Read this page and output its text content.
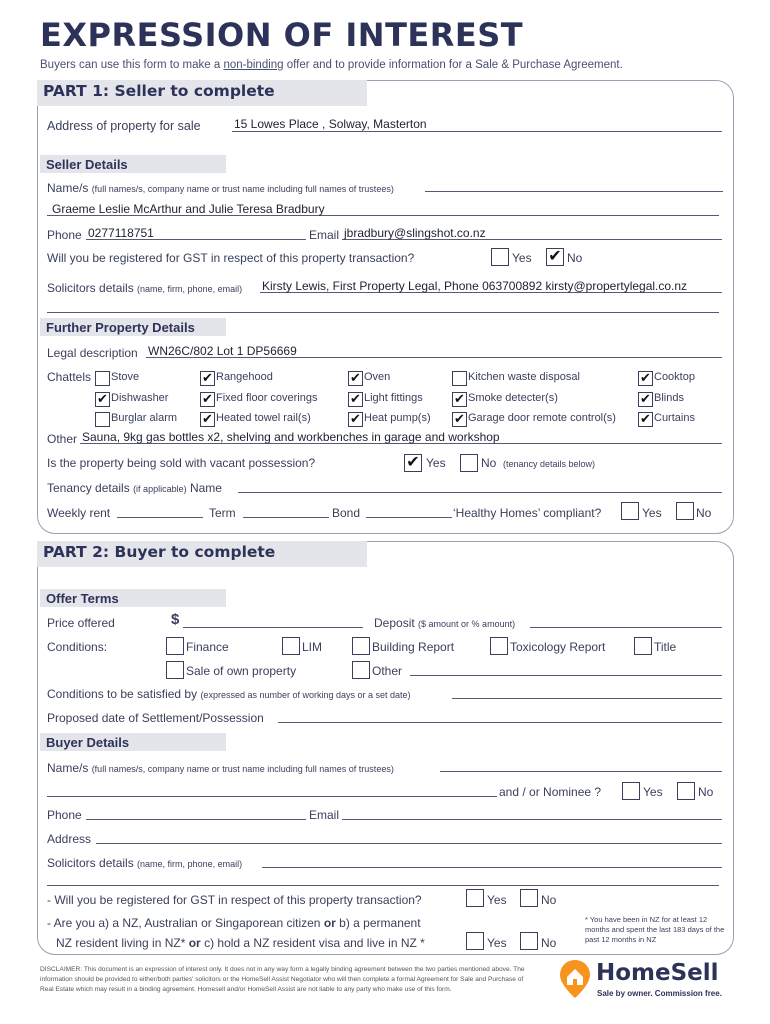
EXPRESSION OF INTEREST
Buyers can use this form to make a non-binding offer and to provide information for a Sale & Purchase Agreement.
PART 1: Seller to complete
Address of property for sale	15 Lowes Place , Solway, Masterton
Seller Details
Name/s (full names/s, company name or trust name including full names of trustees)
Graeme Leslie McArthur and Julie Teresa Bradbury
Phone 0277118751	Email jbradbury@slingshot.co.nz
Will you be registered for GST in respect of this property transaction?	Yes ✔ No
Solicitors details (name, firm, phone, email) Kirsty Lewis, First Property Legal, Phone 063700892 kirsty@propertylegal.co.nz
Further Property Details
Legal description WN26C/802 Lot 1 DP56669
Chattels Stove	✔ Rangehood	✔ Oven	Kitchen waste disposal	✔ Cooktop
✔ Dishwasher	✔ Fixed floor coverings	✔ Light fittings ✔ Smoke detecter(s)	✔ Blinds
Burglar alarm ✔ Heated towel rail(s)	✔ Heat pump(s) ✔ Garage door remote control(s) ✔ Curtains
Other Sauna, 9kg gas bottles x2, shelving and workbenches in garage and workshop
Is the property being sold with vacant possession?	✔ Yes	No (tenancy details below)
Tenancy details (if applicable) Name
Weekly rent	Term	Bond	‘Healthy Homes’ compliant?	Yes	No
PART 2: Buyer to complete
Offer Terms
Price offered	$	Deposit ($ amount or % amount)
Conditions:	Finance	LIM	Building Report	Toxicology Report	Title
Sale of own property	Other
Conditions to be satisfied by (expressed as number of working days or a set date)
Proposed date of Settlement/Possession
Buyer Details
Name/s (full names/s, company name or trust name including full names of trustees)
and / or Nominee ?	Yes	No
Phone	Email
Address
Solicitors details (name, firm, phone, email)
- Will you be registered for GST in respect of this property transaction?	Yes	No
- Are you a) a NZ, Australian or Singaporean citizen or b) a permanent
NZ resident living in NZ* or c) hold a NZ resident visa and live in NZ *	Yes	No
* You have been in NZ for at least 12 months and spent the last 183 days of the past 12 months in NZ
DISCLAIMER: This document is an expression of interest only. It does not in any way form a legally binding agreement between the two parties mentioned above. The information should be provided to either/both parties' solicitors or the HomeSell Assist Negotiator who will then complete a formal Agreement for Sale and Purchase of Real Estate which may result in a binding agreement. Homesell and/or HomeSell Assist are not liable to any party who make use of this form.
HomeSell
Sale by owner. Commission free.
